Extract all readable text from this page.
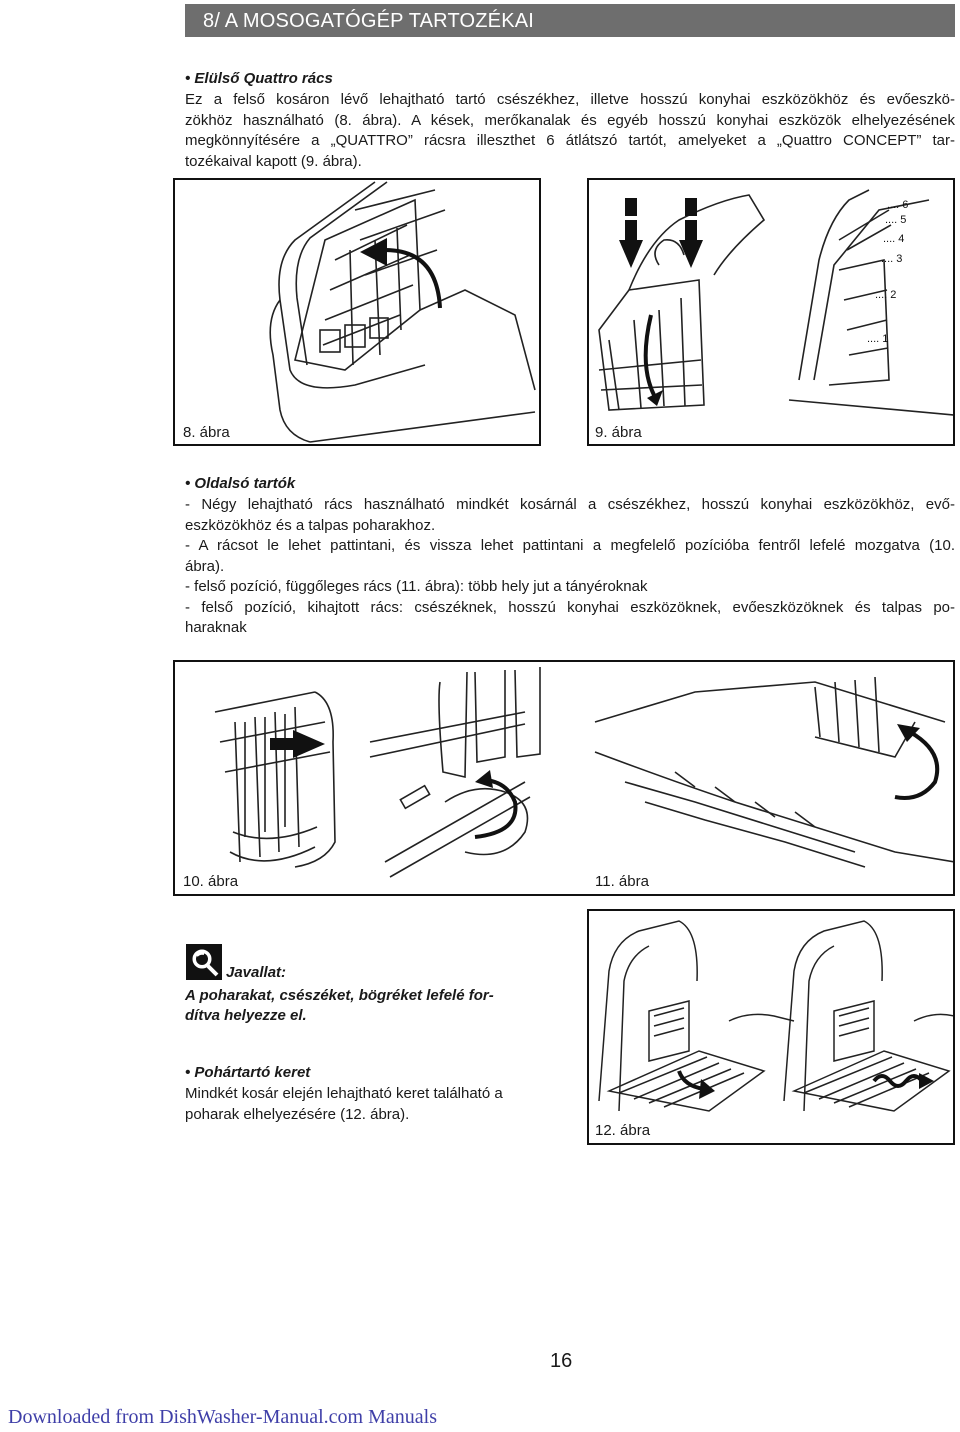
8/ A MOSOGATÓGÉP TARTOZÉKAI
• Elülső Quattro rács
Ez a felső kosáron lévő lehajtható tartó csészékhez, illetve hosszú konyhai eszközökhöz és evőeszkö-
zökhöz használható (8. ábra). A kések, merőkanalak és egyéb hosszú konyhai eszközök elhelyezésének
megkönnyítésére a „QUATTRO” rácsra illeszthet 6 átlátszó tartót, amelyeket a „Quattro CONCEPT” tar-
tozékaival kapott (9. ábra).
8. ábra
.... 6
.... 5
.... 4
.... 3
.... 2
.... 1
9. ábra
• Oldalsó tartók
- Négy lehajtható rács használható mindkét kosárnál a csészékhez, hosszú konyhai eszközökhöz, evő-
eszközökhöz és a talpas poharakhoz.
- A rácsot le lehet pattintani, és vissza lehet pattintani a megfelelő pozícióba fentről lefelé mozgatva (10.
ábra).
- felső pozíció, függőleges rács (11. ábra): több hely jut a tányéroknak
- felső pozíció, kihajtott rács: csészéknek, hosszú konyhai eszközöknek, evőeszközöknek és talpas po-
haraknak
10. ábra	11. ábra
Javallat:
A poharakat, csészéket, bögréket lefelé for-
dítva helyezze el.
• Pohártartó keret
Mindkét kosár elején lehajtható keret található a
poharak elhelyezésére (12. ábra).
12. ábra
16
Downloaded from DishWasher-Manual.com Manuals
